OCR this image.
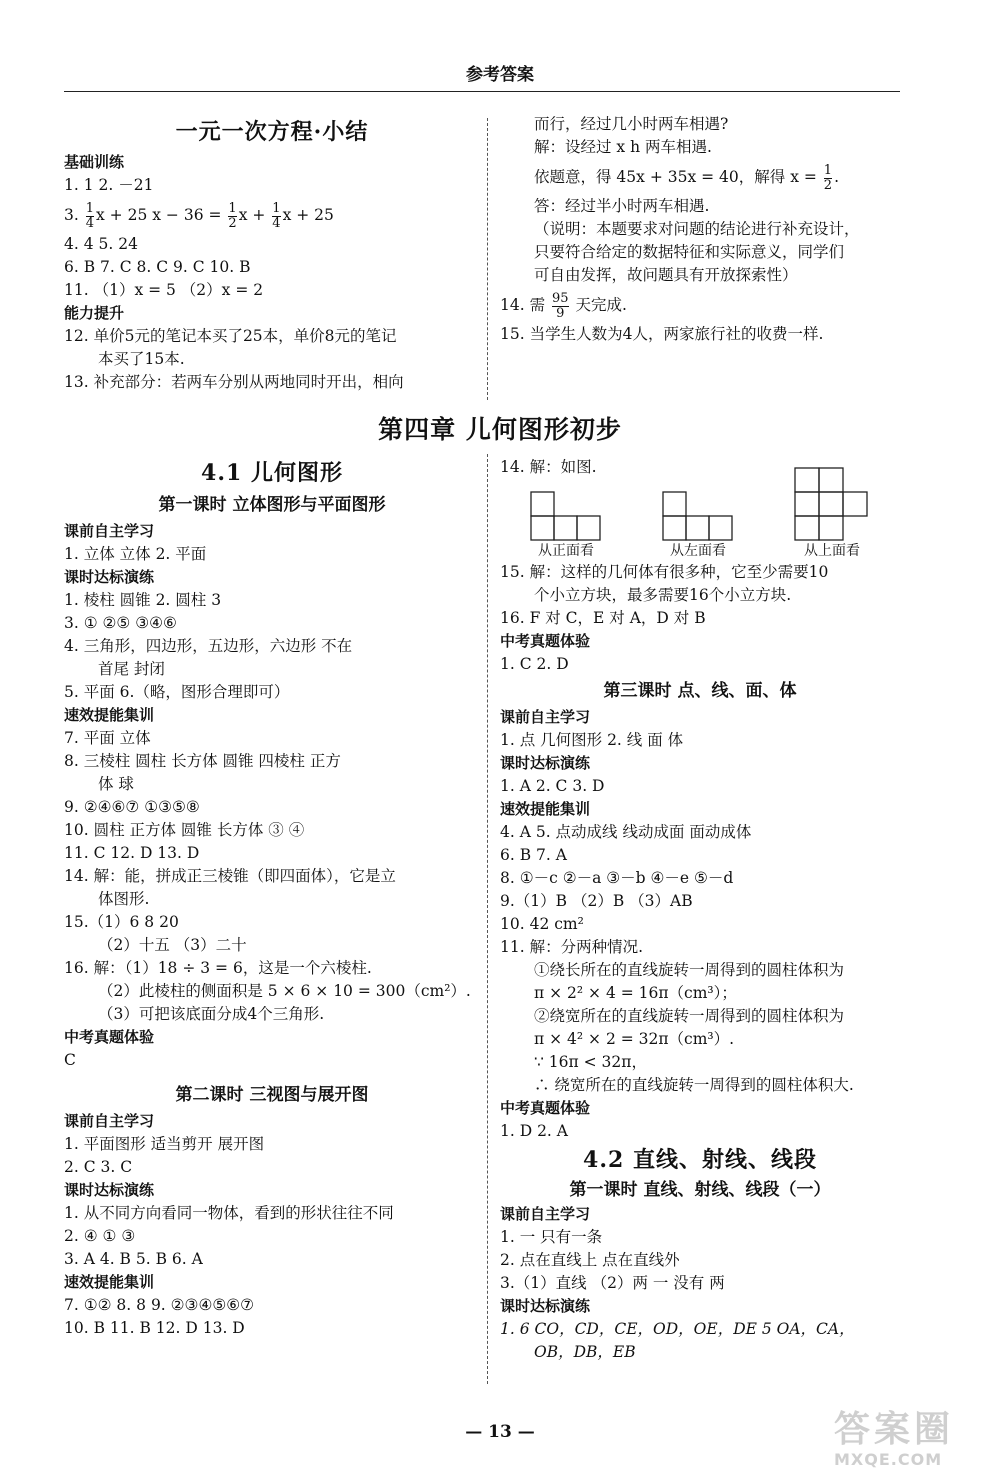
参考答案
一元一次方程·小结
基础训练
1. 1 2. －21
3. $\frac{1}{4}$ x + 25 $x - 36 = \frac{1}{2}$ $x + \frac{1}{4}$ x + 25
4. 4 5. 24
6. B 7. C 8. C 9. C 10. B
11. （1）x = 5 （2）x = 2
能力提升
12. 单价5元的笔记本买了25本，单价8元的笔记
本买了15本.
13. 补充部分：若两车分别从两地同时开出，相向
而行，经过几小时两车相遇?
解：设经过 x h 两车相遇.
依题意，得 45x + 35x = 40，解得 $x = \frac{1}{2}$ .
答：经过半小时两车相遇.
（说明：本题要求对问题的结论进行补充设计，
只要符合给定的数据特征和实际意义，同学们
可自由发挥，故问题具有开放探索性）
14. 需 $\frac{95}{9}$ 天完成.
15. 当学生人数为4人，两家旅行社的收费一样.
第四章 儿何图形初步
4.1 儿何图形
第一课时 立体图形与平面图形
课前自主学习
1. 立体 立体 2. 平面
课时达标演练
1. 棱柱 圆锥 2. 圆柱 3
3. ① ②⑤ ③④⑥
4. 三角形，四边形，五边形，六边形 不在
首尾 封闭
5. 平面 6.（略，图形合理即可）
速效提能集训
7. 平面 立体
8. 三棱柱 圆柱 长方体 圆锥 四棱柱 正方
体 球
9. ②④⑥⑦ ①③⑤⑧
10. 圆柱 正方体 圆锥 长方体 ③ ④
11. C 12. D 13. D
14. 解：能，拼成正三棱锥（即四面体），它是立
体图形.
15.（1）6 8 20
（2）十五 （3）二十
16. 解：（1）18 ÷ 3 = 6，这是一个六棱柱.
（2）此棱柱的侧面积是 5 × 6 × 10 = 300（cm²）.
（3）可把该底面分成4个三角形.
中考真题体验
C
第二课时 三视图与展开图
课前自主学习
1. 平面图形 适当剪开 展开图
2. C 3. C
课时达标演练
1. 从不同方向看同一物体，看到的形状往往不同
2. ④ ① ③
3. A 4. B 5. B 6. A
速效提能集训
7. ①② 8. 8 9. ②③④⑤⑥⑦
10. B 11. B 12. D 13. D
14. 解：如图.
从正面看	从左面看	从上面看
15. 解：这样的几何体有很多种，它至少需要10
个小立方块，最多需要16个小立方块.
16. F 对 C，E 对 A，D 对 B
中考真题体验
1. C 2. D
第三课时 点、线、面、体
课前自主学习
1. 点 几何图形 2. 线 面 体
课时达标演练
1. A 2. C 3. D
速效提能集训
4. A 5. 点动成线 线动成面 面动成体
6. B 7. A
8. ①－c ②－a ③－b ④－e ⑤－d
9.（1）B （2）B （3）AB
10. 42 cm²
11. 解：分两种情况.
①绕长所在的直线旋转一周得到的圆柱体积为
π × 2² × 4 = 16π（cm³）；
②绕宽所在的直线旋转一周得到的圆柱体积为
π × 4² × 2 = 32π（cm³）.
∵ 16π < 32π，
∴ 绕宽所在的直线旋转一周得到的圆柱体积大.
中考真题体验
1. D 2. A
4.2 直线、射线、线段
第一课时 直线、射线、线段（一）
课前自主学习
1. 一 只有一条
2. 点在直线上 点在直线外
3.（1）直线 （2）两 一 没有 两
课时达标演练
1. 6 CO，CD，CE，OD，OE，DE 5 OA，CA，
OB，DB，EB
— 13 —	答案圈
MXQE.COM
